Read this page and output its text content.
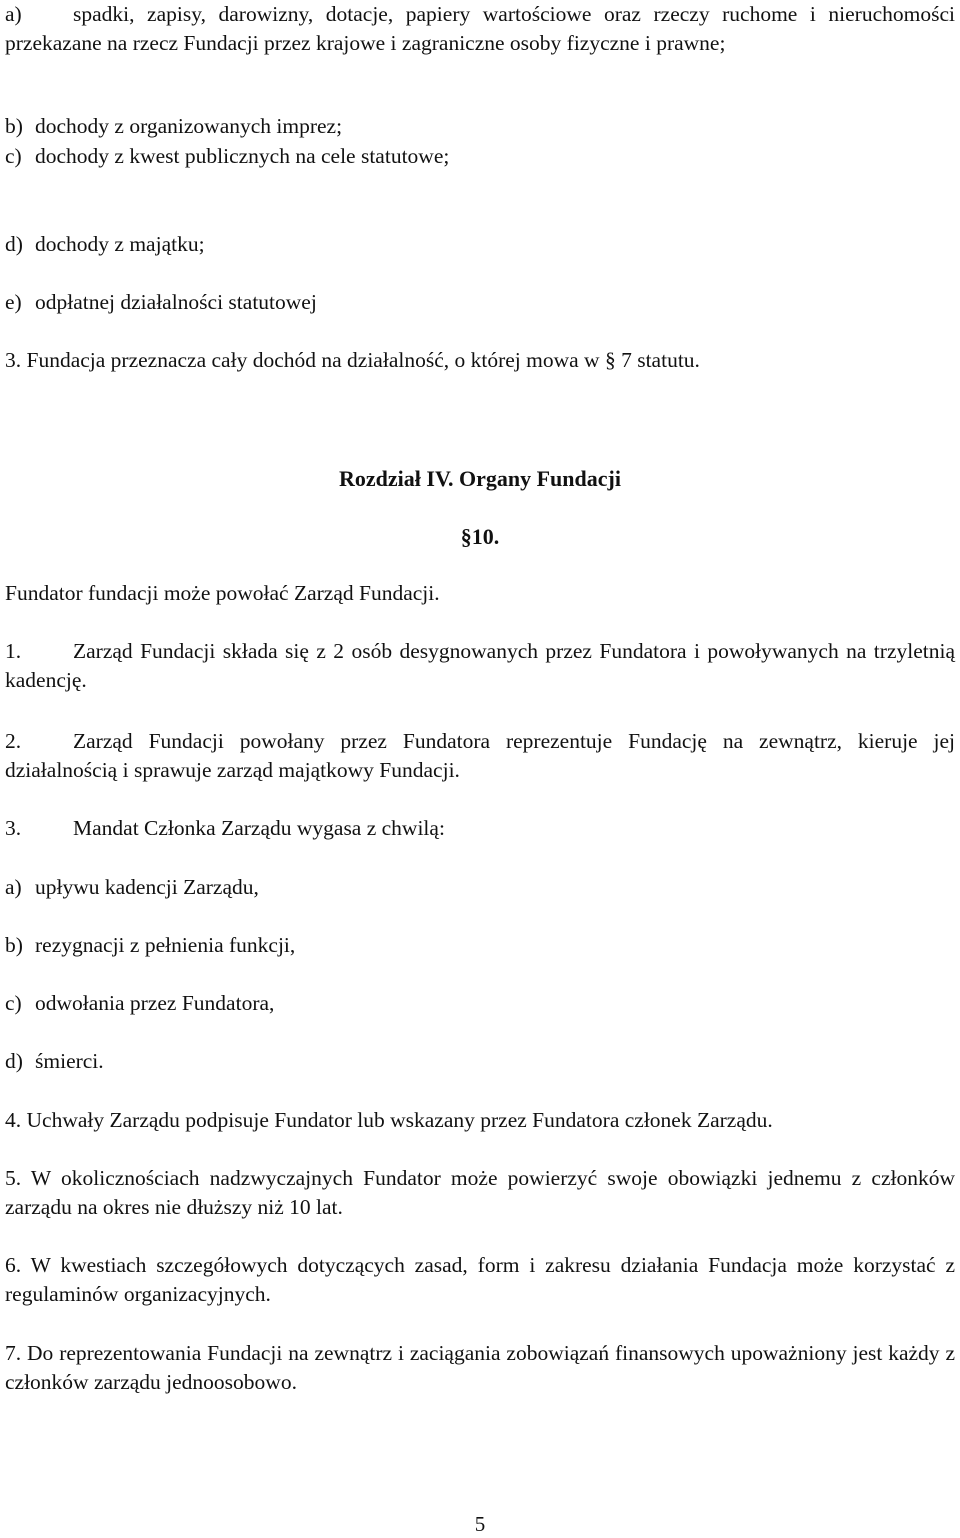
a) spadki, zapisy, darowizny, dotacje, papiery wartościowe oraz rzeczy ruchome i nieruchomości przekazane na rzecz Fundacji przez krajowe i zagraniczne osoby fizyczne i prawne;
b) dochody z organizowanych imprez;
c) dochody z kwest publicznych na cele statutowe;
d) dochody z majątku;
e) odpłatnej działalności statutowej
3. Fundacja przeznacza cały dochód na działalność, o której mowa w § 7 statutu.
Rozdział IV. Organy Fundacji
§10.
Fundator fundacji może powołać Zarząd Fundacji.
1. Zarząd Fundacji składa się z 2 osób desygnowanych przez Fundatora i powoływanych na trzyletnią kadencję.
2. Zarząd Fundacji powołany przez Fundatora reprezentuje Fundację na zewnątrz, kieruje jej działalnością i sprawuje zarząd majątkowy Fundacji.
3. Mandat Członka Zarządu wygasa z chwilą:
a) upływu kadencji Zarządu,
b) rezygnacji z pełnienia funkcji,
c) odwołania przez Fundatora,
d) śmierci.
4. Uchwały Zarządu podpisuje Fundator lub wskazany przez Fundatora członek Zarządu.
5. W okolicznościach nadzwyczajnych Fundator może powierzyć swoje obowiązki jednemu z członków zarządu na okres nie dłuższy niż 10 lat.
6. W kwestiach szczegółowych dotyczących zasad, form i zakresu działania Fundacja może korzystać z regulaminów organizacyjnych.
7. Do reprezentowania Fundacji na zewnątrz i zaciągania zobowiązań finansowych upoważniony jest każdy z członków zarządu jednoosobowo.
5
